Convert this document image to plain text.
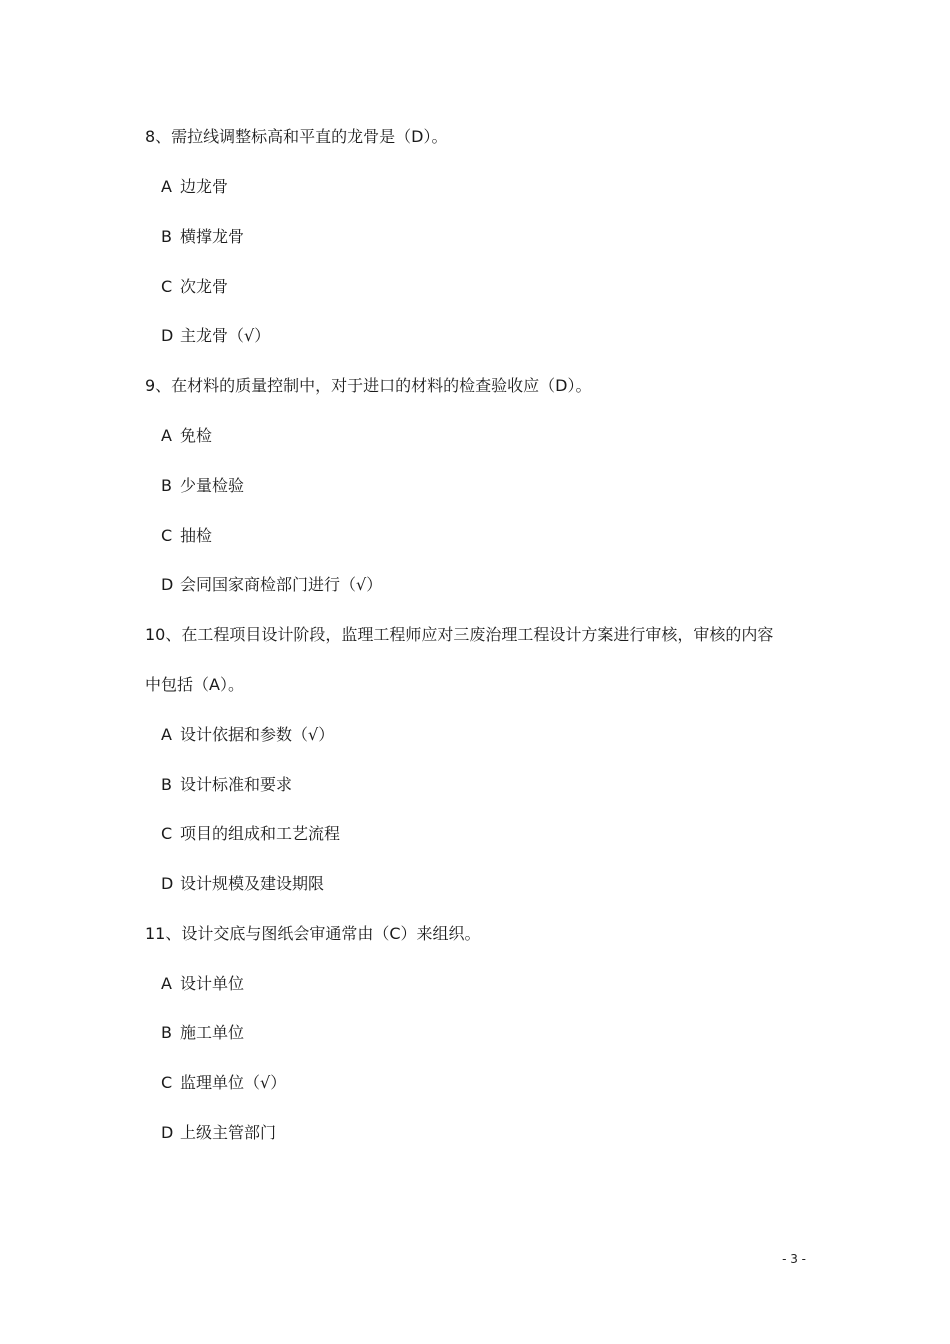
8、需拉线调整标高和平直的龙骨是（D）。
A 边龙骨
B 横撑龙骨
C 次龙骨
D 主龙骨（√）
9、在材料的质量控制中，对于进口的材料的检查验收应（D）。
A 免检
B 少量检验
C 抽检
D 会同国家商检部门进行（√）
10、在工程项目设计阶段，监理工程师应对三废治理工程设计方案进行审核，审核的内容
中包括（A）。
A 设计依据和参数（√）
B 设计标准和要求
C 项目的组成和工艺流程
D 设计规模及建设期限
11、设计交底与图纸会审通常由（C）来组织。
A 设计单位
B 施工单位
C 监理单位（√）
D 上级主管部门
- 3 -
